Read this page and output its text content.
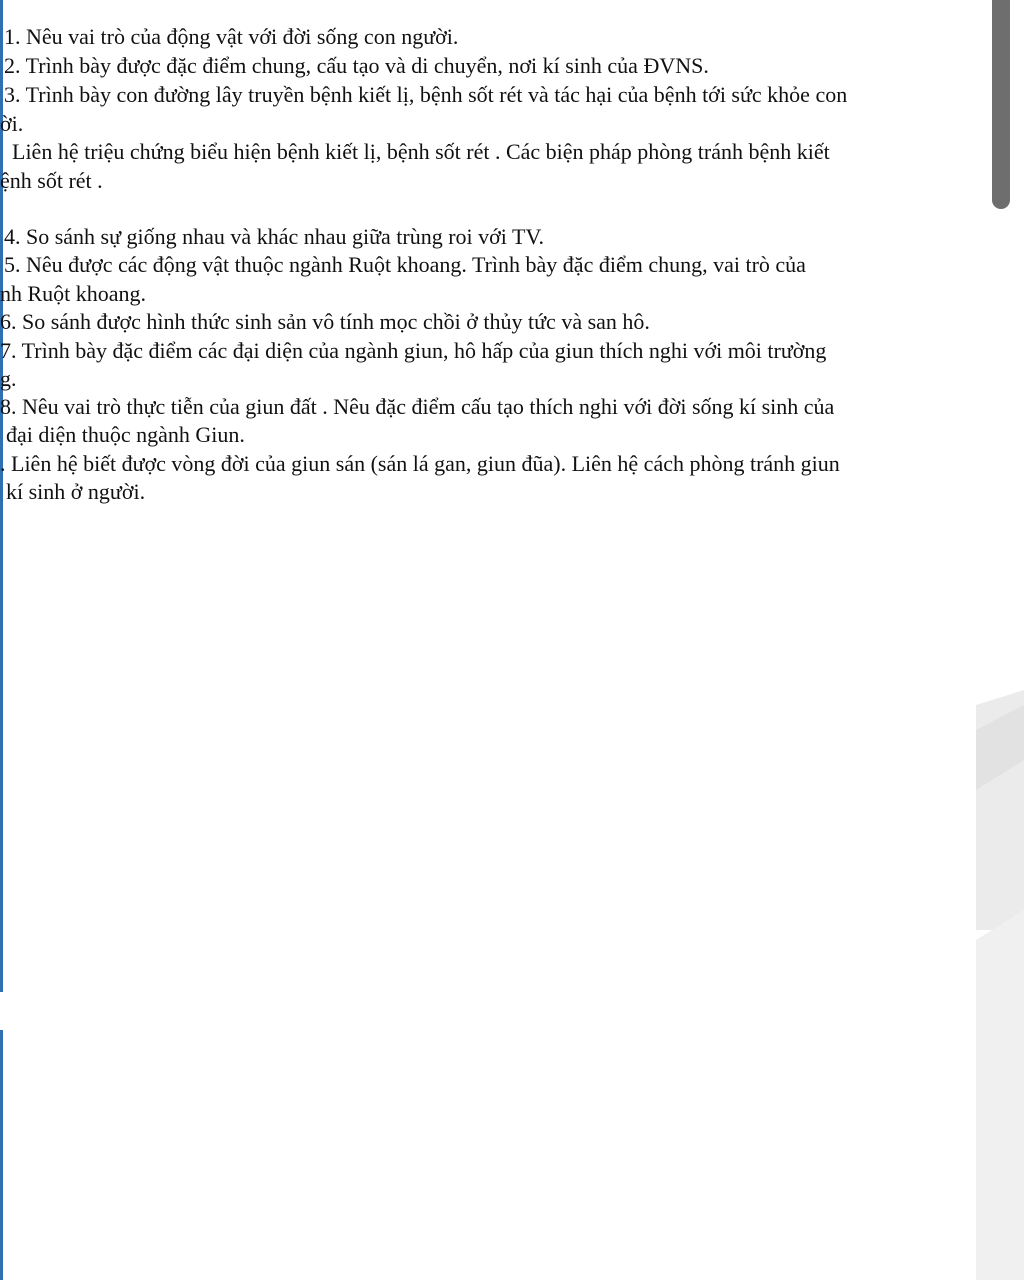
1. Nêu vai trò của động vật với đời sống con người.
2. Trình bày được đặc điểm chung, cấu tạo và di chuyển, nơi kí sinh của ĐVNS.
3. Trình bày con đường lây truyền bệnh kiết lị, bệnh sốt rét và tác hại của bệnh tới sức khỏe con
ời.
Liên hệ triệu chứng biểu hiện bệnh kiết lị, bệnh sốt rét . Các biện pháp phòng tránh bệnh kiết
ệnh sốt rét .
4. So sánh sự giống nhau và khác nhau giữa trùng roi với TV.
5. Nêu được các động vật thuộc ngành Ruột khoang. Trình bày đặc điểm chung, vai trò của
nh Ruột khoang.
6. So sánh được hình thức sinh sản vô tính mọc chồi ở thủy tức và san hô.
7. Trình bày đặc điểm các đại diện của ngành giun, hô hấp của giun thích nghi với môi trường
g.
8. Nêu vai trò thực tiễn của giun đất . Nêu đặc điểm cấu tạo thích nghi với đời sống kí sinh của
đại diện thuộc ngành Giun.
. Liên hệ biết được vòng đời của giun sán (sán lá gan, giun đũa). Liên hệ cách phòng tránh giun
kí sinh ở người.
